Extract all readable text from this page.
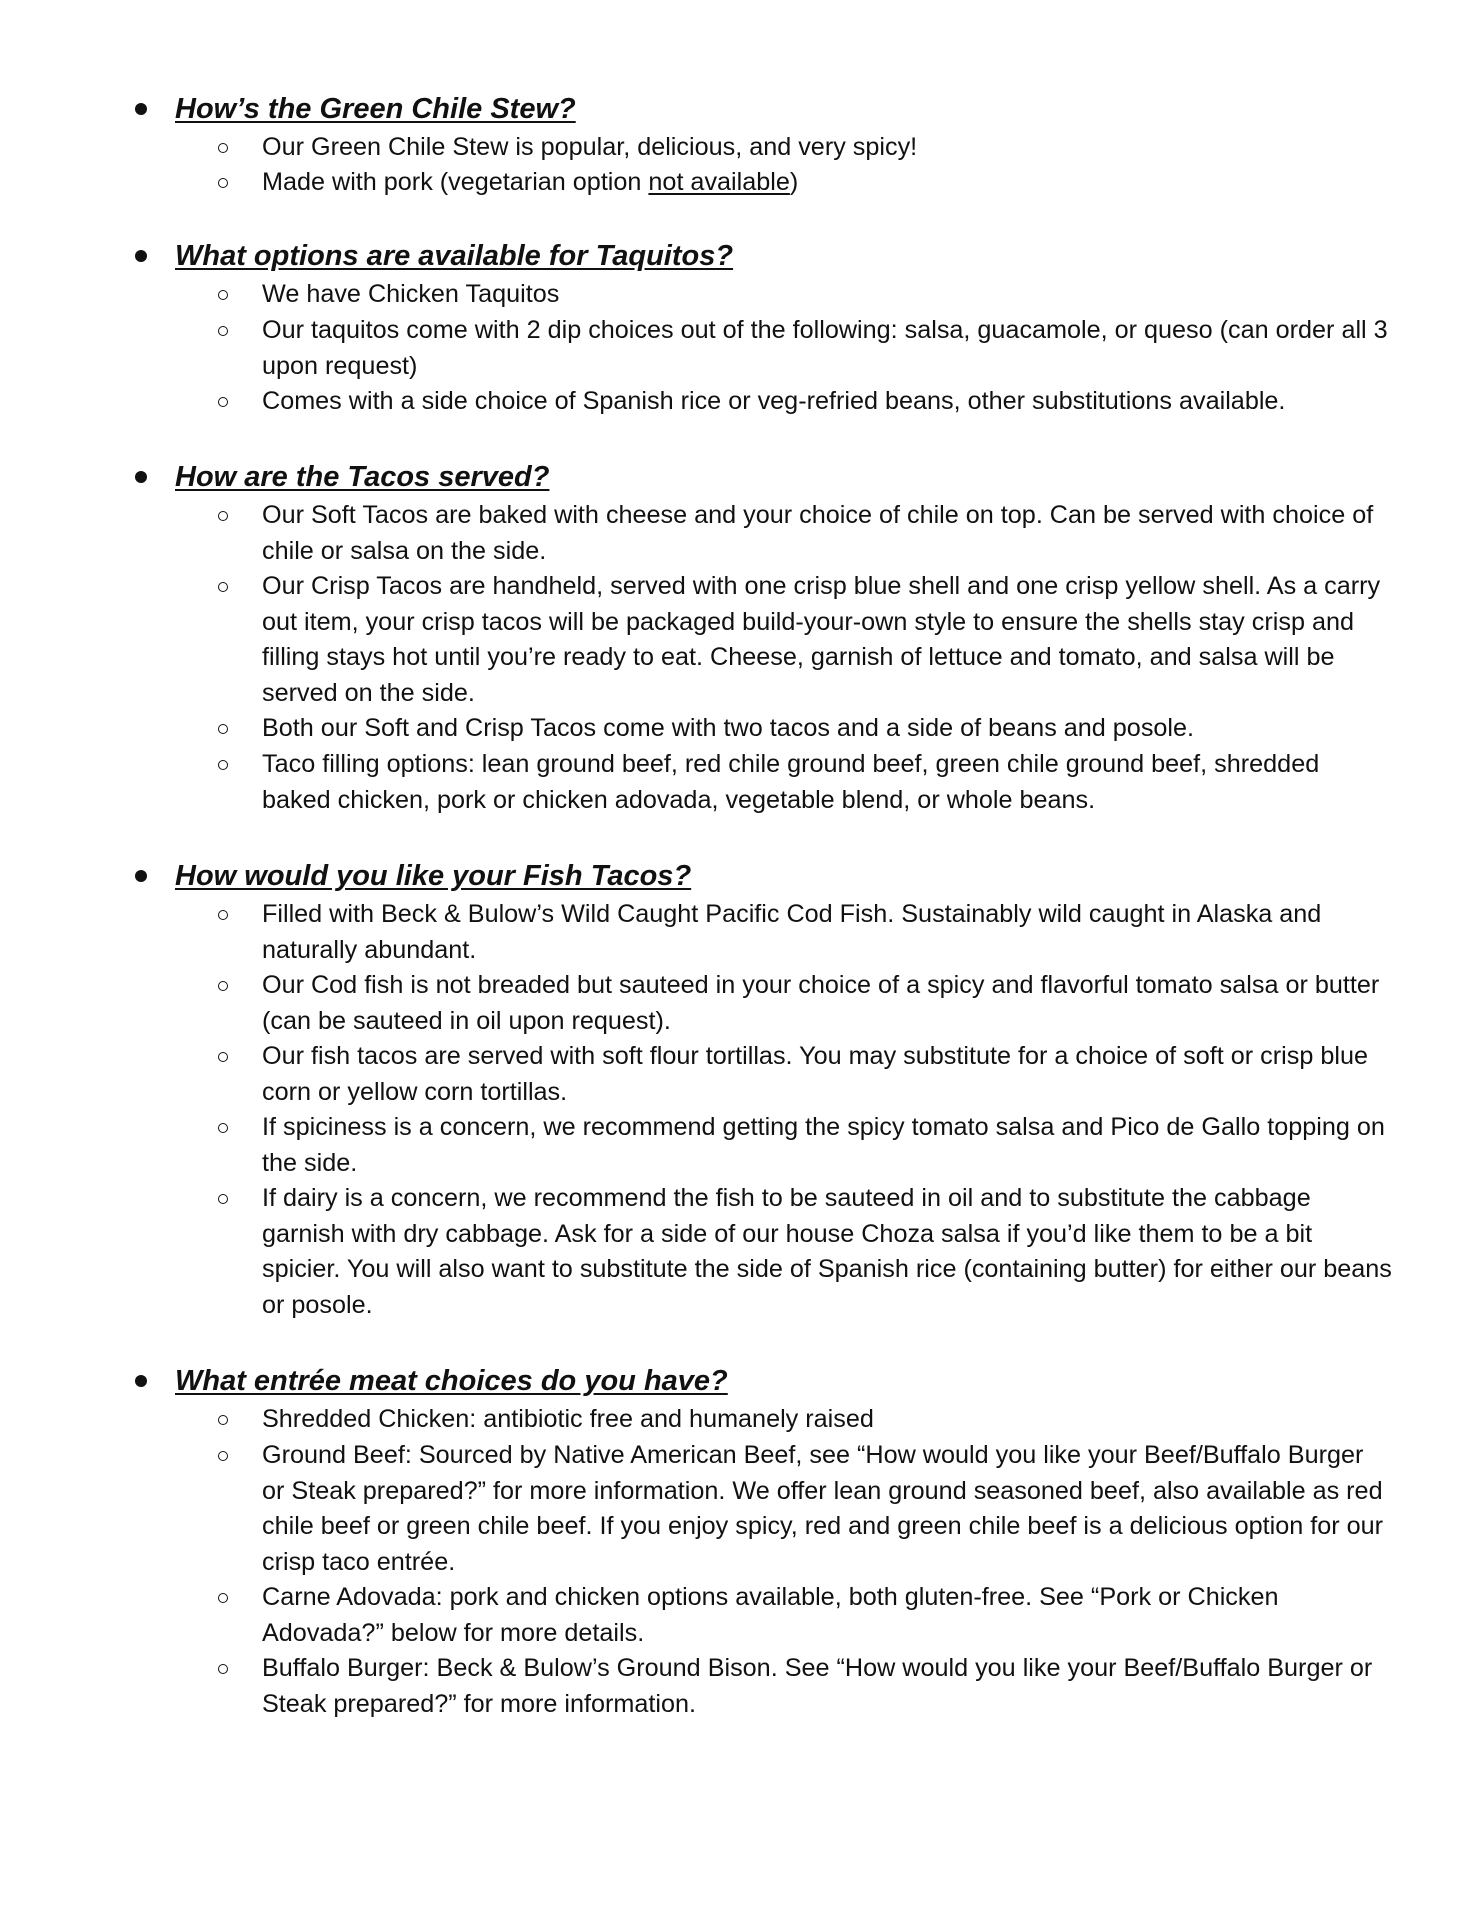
How’s the Green Chile Stew?
Our Green Chile Stew is popular, delicious, and very spicy!
Made with pork (vegetarian option not available)
What options are available for Taquitos?
We have Chicken Taquitos
Our taquitos come with 2 dip choices out of the following: salsa, guacamole, or queso (can order all 3 upon request)
Comes with a side choice of Spanish rice or veg-refried beans, other substitutions available.
How are the Tacos served?
Our Soft Tacos are baked with cheese and your choice of chile on top. Can be served with choice of chile or salsa on the side.
Our Crisp Tacos are handheld, served with one crisp blue shell and one crisp yellow shell. As a carry out item, your crisp tacos will be packaged build-your-own style to ensure the shells stay crisp and filling stays hot until you’re ready to eat. Cheese, garnish of lettuce and tomato, and salsa will be served on the side.
Both our Soft and Crisp Tacos come with two tacos and a side of beans and posole.
Taco filling options: lean ground beef, red chile ground beef, green chile ground beef, shredded baked chicken, pork or chicken adovada, vegetable blend, or whole beans.
How would you like your Fish Tacos?
Filled with Beck & Bulow’s Wild Caught Pacific Cod Fish. Sustainably wild caught in Alaska and naturally abundant.
Our Cod fish is not breaded but sauteed in your choice of a spicy and flavorful tomato salsa or butter (can be sauteed in oil upon request).
Our fish tacos are served with soft flour tortillas. You may substitute for a choice of soft or crisp blue corn or yellow corn tortillas.
If spiciness is a concern, we recommend getting the spicy tomato salsa and Pico de Gallo topping on the side.
If dairy is a concern, we recommend the fish to be sauteed in oil and to substitute the cabbage garnish with dry cabbage. Ask for a side of our house Choza salsa if you’d like them to be a bit spicier. You will also want to substitute the side of Spanish rice (containing butter) for either our beans or posole.
What entrée meat choices do you have?
Shredded Chicken: antibiotic free and humanely raised
Ground Beef: Sourced by Native American Beef, see “How would you like your Beef/Buffalo Burger or Steak prepared?” for more information. We offer lean ground seasoned beef, also available as red chile beef or green chile beef. If you enjoy spicy, red and green chile beef is a delicious option for our crisp taco entrée.
Carne Adovada: pork and chicken options available, both gluten-free. See “Pork or Chicken Adovada?” below for more details.
Buffalo Burger: Beck & Bulow’s Ground Bison. See “How would you like your Beef/Buffalo Burger or Steak prepared?” for more information.
